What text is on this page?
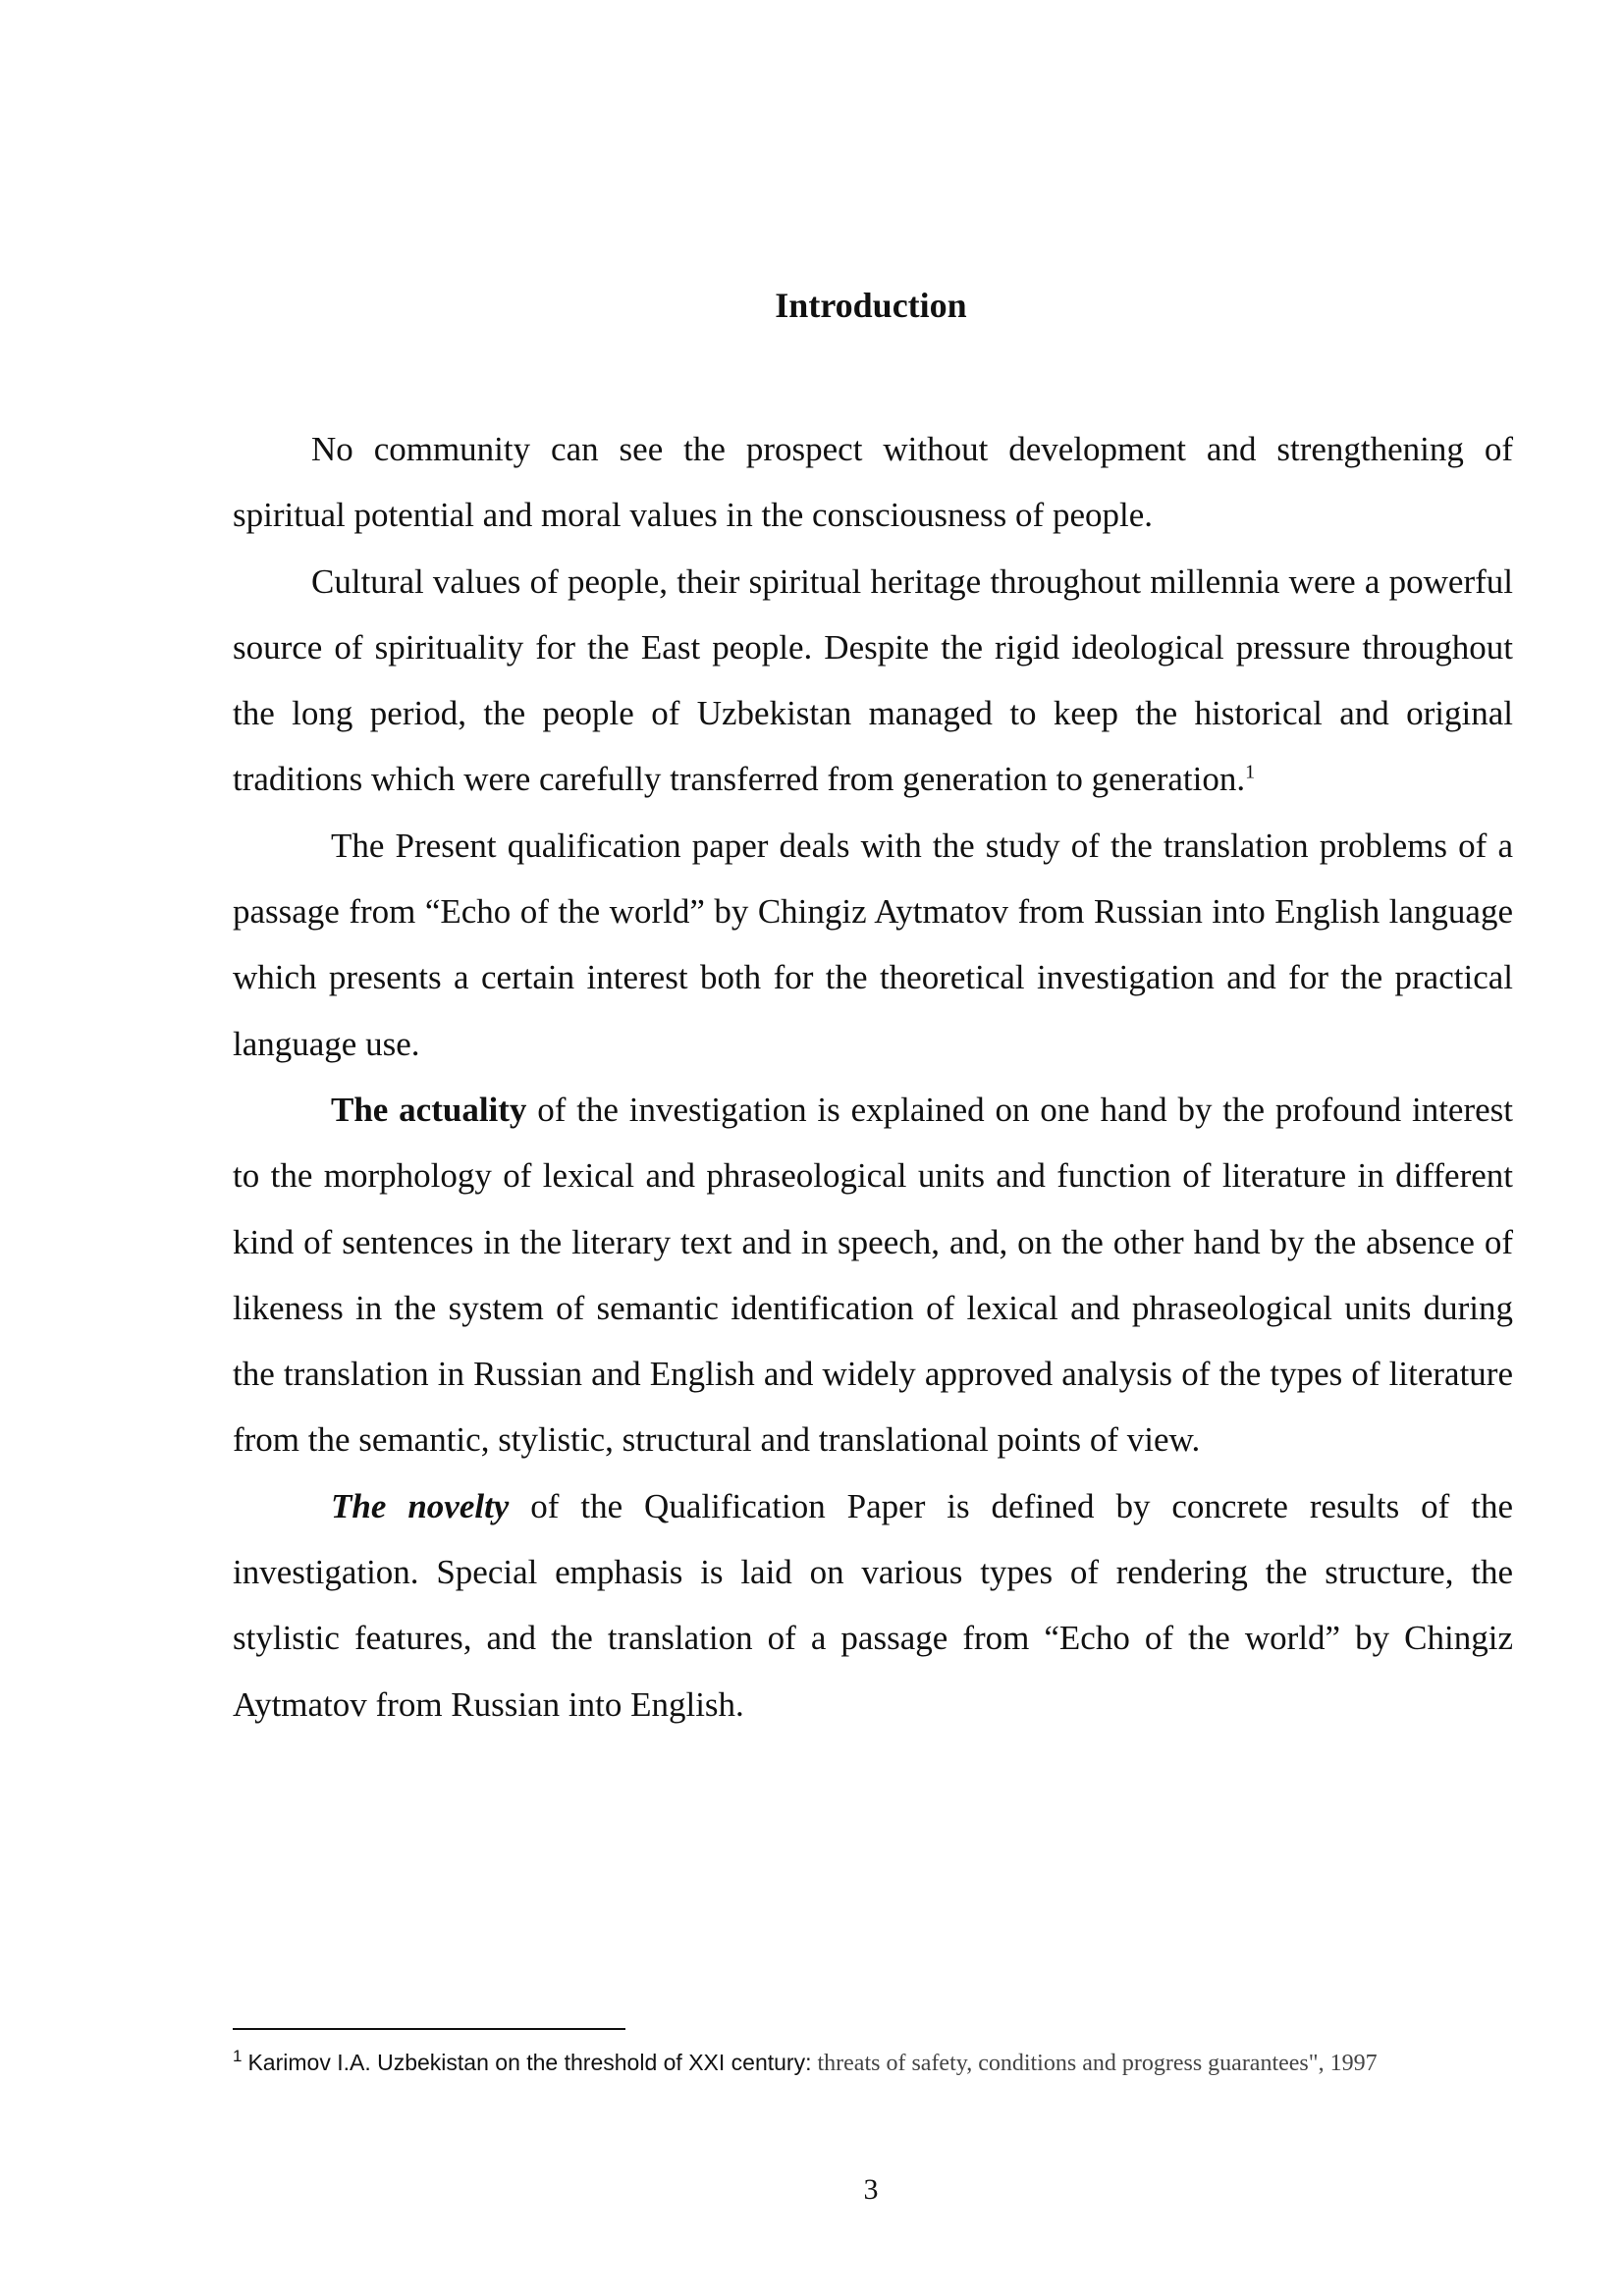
Introduction

No community can see the prospect without development and strengthening of spiritual potential and moral values in the consciousness of people.

Cultural values of people, their spiritual heritage throughout millennia were a powerful source of spirituality for the East people. Despite the rigid ideological pressure throughout the long period, the people of Uzbekistan managed to keep the historical and original traditions which were carefully transferred from generation to generation.$^1$

The Present qualification paper deals with the study of the translation problems of a passage from “Echo of the world” by Chingiz Aytmatov from Russian into English language which presents a certain interest both for the theoretical investigation and for the practical language use.

The actuality of the investigation is explained on one hand by the profound interest to the morphology of lexical and phraseological units and function of literature in different kind of sentences in the literary text and in speech, and, on the other hand by the absence of likeness in the system of semantic identification of lexical and phraseological units during the translation in Russian and English and widely approved analysis of the types of literature from the semantic, stylistic, structural and translational points of view.

The novelty of the Qualification Paper is defined by concrete results of the investigation. Special emphasis is laid on various types of rendering the structure, the stylistic features, and the translation of a passage from “Echo of the world” by Chingiz Aytmatov from Russian into English.

$^1$ Karimov I.A. Uzbekistan on the threshold of XXI century: threats of safety, conditions and progress guarantees", 1997
3
